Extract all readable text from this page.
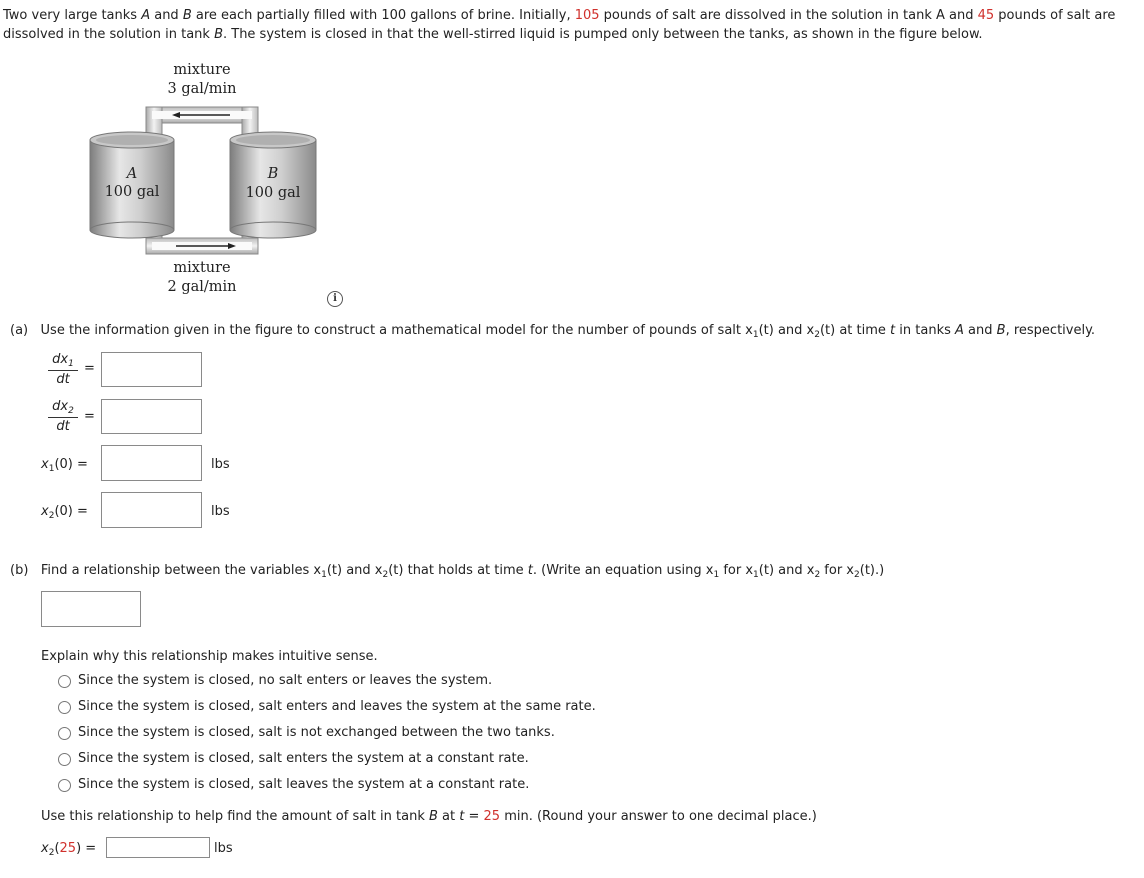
Two very large tanks A and B are each partially filled with 100 gallons of brine. Initially, 105 pounds of salt are dissolved in the solution in tank A and 45 pounds of salt are dissolved in the solution in tank B. The system is closed in that the well-stirred liquid is pumped only between the tanks, as shown in the figure below.
mixture
3 gal/min
A
100 gal
B
100 gal
mixture
2 gal/min
i
(a) Use the information given in the figure to construct a mathematical model for the number of pounds of salt $x_1(t)$ and $x_2(t)$ at time t in tanks A and B, respectively.
$\frac{dx_1}{dt}$ =
$\frac{dx_2}{dt}$ =
$x_1(0)$ =	lbs
$x_2(0)$ =	lbs
(b) Find a relationship between the variables $x_1(t)$ and $x_2(t)$ that holds at time t. (Write an equation using $x_1$ for $x_1(t)$ and $x_2$ for $x_2(t)$.)
Explain why this relationship makes intuitive sense.
Since the system is closed, no salt enters or leaves the system.
Since the system is closed, salt enters and leaves the system at the same rate.
Since the system is closed, salt is not exchanged between the two tanks.
Since the system is closed, salt enters the system at a constant rate.
Since the system is closed, salt leaves the system at a constant rate.
Use this relationship to help find the amount of salt in tank B at t = 25 min. (Round your answer to one decimal place.)
$x_2(25)$ =	lbs
